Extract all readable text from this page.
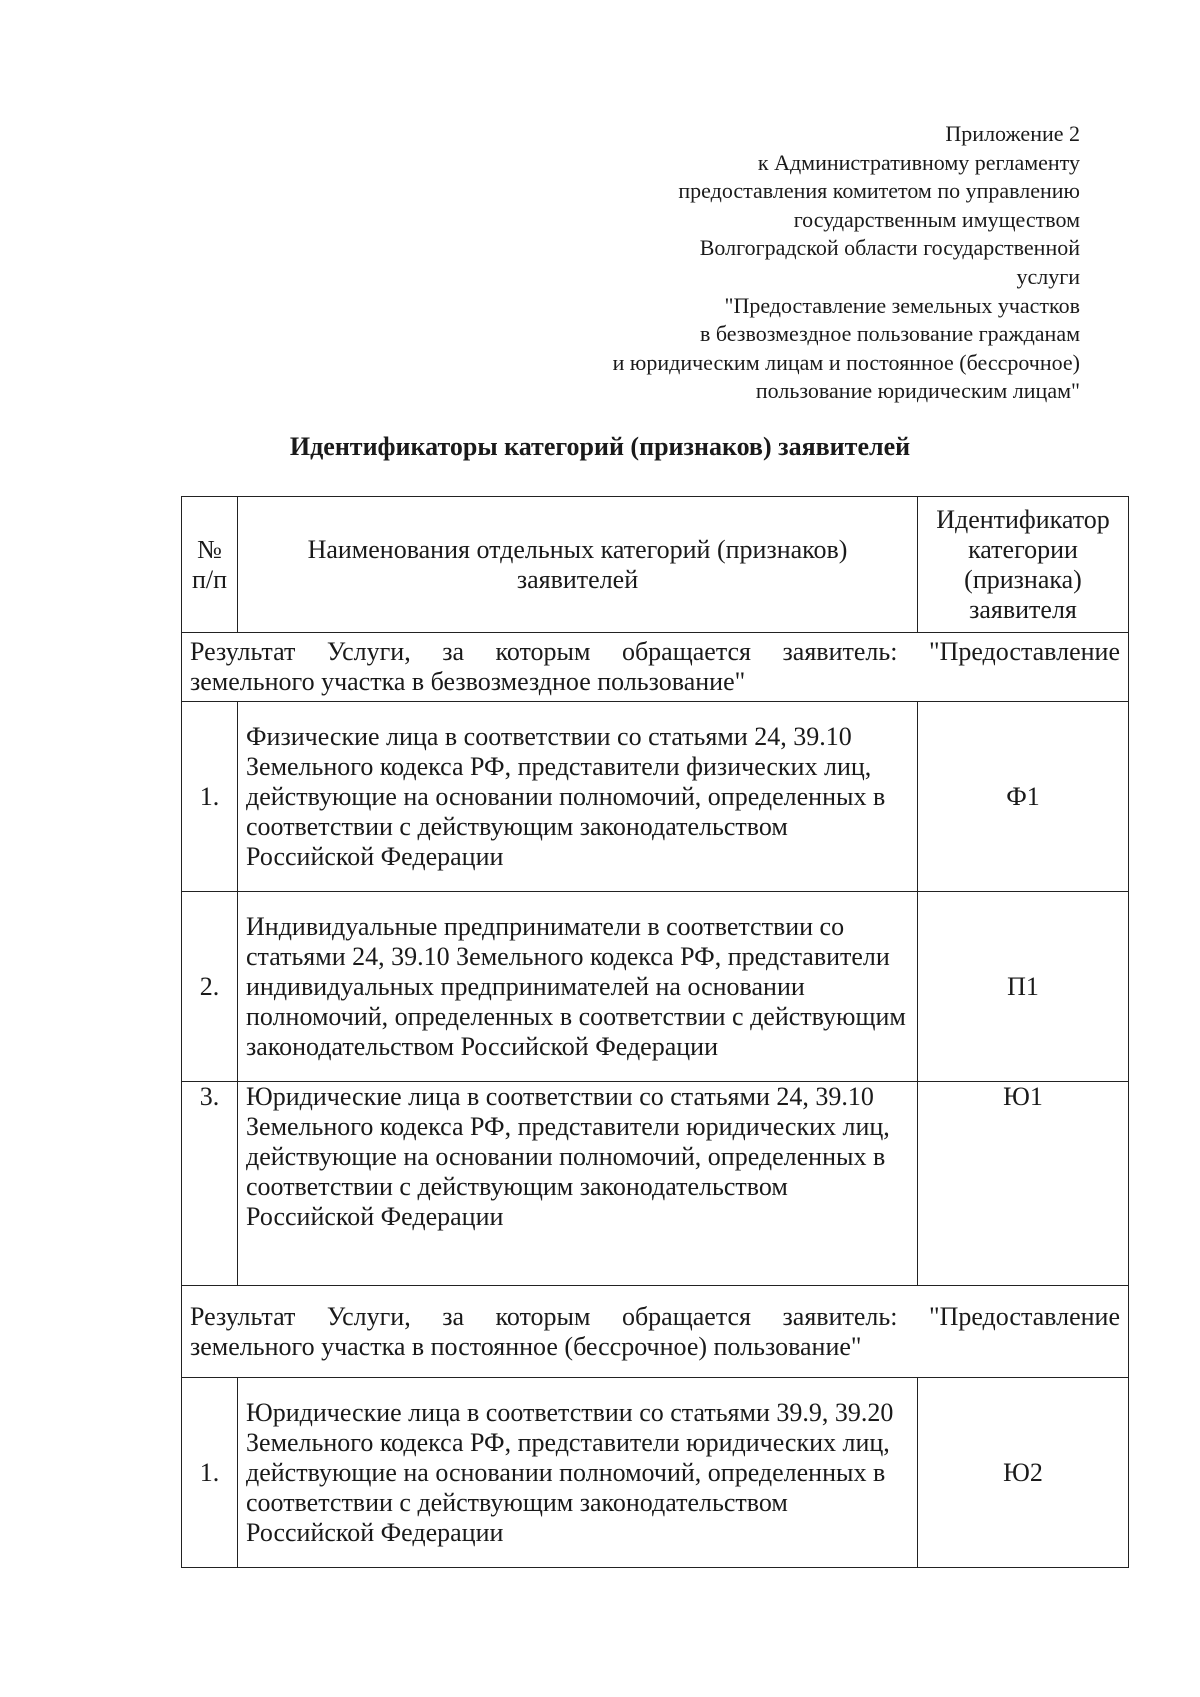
Приложение 2
к Административному регламенту
предоставления комитетом по управлению
государственным имуществом
Волгоградской области государственной
услуги
"Предоставление земельных участков
в безвозмездное пользование гражданам
и юридическим лицам и постоянное (бессрочное)
пользование юридическим лицам"
Идентификаторы категорий (признаков) заявителей
№ п/п	Наименования отдельных категорий (признаков) заявителей	Идентификатор категории (признака) заявителя

Результат Услуги, за которым обращается заявитель: "Предоставление
земельного участка в безвозмездное пользование"		

1.	Физические лица в соответствии со статьями 24, 39.10 Земельного кодекса РФ, представители физических лиц, действующие на основании полномочий, определенных в соответствии с действующим законодательством Российской Федерации	Ф1
2.	Индивидуальные предприниматели в соответствии со статьями 24, 39.10 Земельного кодекса РФ, представители индивидуальных предпринимателей на основании полномочий, определенных в соответствии с действующим законодательством Российской Федерации	П1
3.	Юридические лица в соответствии со статьями 24, 39.10 Земельного кодекса РФ, представители юридических лиц, действующие на основании полномочий, определенных в соответствии с действующим законодательством Российской Федерации	Ю1

Результат Услуги, за которым обращается заявитель: "Предоставление
земельного участка в постоянное (бессрочное) пользование"		

1.	Юридические лица в соответствии со статьями 39.9, 39.20 Земельного кодекса РФ, представители юридических лиц, действующие на основании полномочий, определенных в соответствии с действующим законодательством Российской Федерации	Ю2
